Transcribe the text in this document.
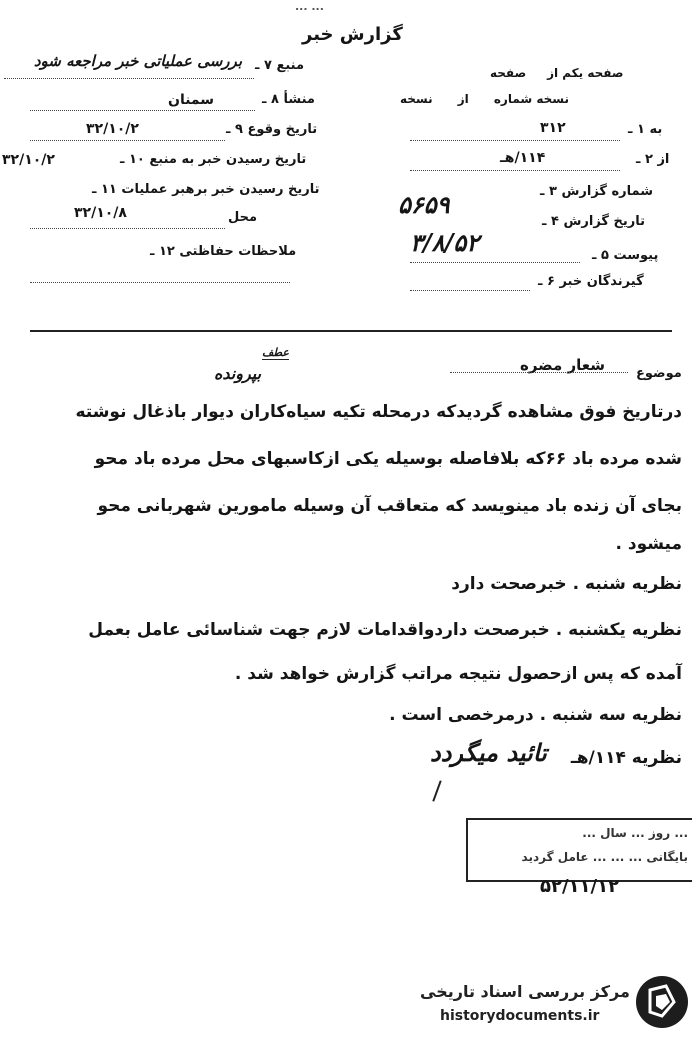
... ...
گزارش خبر
منبع ۷ ـ
بررسی عملیاتی خبر مراجعه شود
منشأ ۸ ـ
سمنان
تاریخ وقوع ۹ ـ
۳۲/۱۰/۲
تاریخ رسیدن خبر به منبع ۱۰ ـ
۳۲/۱۰/۲
تاریخ رسیدن خبر برهبر عملیات ۱۱ ـ
محل
۳۲/۱۰/۸
ملاحظات حفاظتی ۱۲ ـ
صفحه یکم از     صفحه
نسخه شماره      از      نسخه
به ۱ ـ
۳۱۲
از ۲ ـ
۱۱۴/هـ
شماره گزارش ۳ ـ
۵۶۵۹
تاریخ گزارش ۴ ـ
۳/۸/۵۲	پیوست ۵ ـ
گیرندگان خبر ۶ ـ
موضوع
شعار مضره
عطف
بپرونده
درتاریخ فوق مشاهده گردیدکه درمحله تکیه سیاه‌کاران دیوار باذغال نوشته
شده مرده باد ۶۶که بلافاصله بوسیله یکی ازکاسبهای محل مرده باد محو
بجای آن زنده باد مینویسد که متعاقب آن وسیله مامورین شهربانی محو
میشود .
نظریه شنبه . خبرصحت دارد
نظریه یکشنبه . خبرصحت داردواقدامات لازم جهت شناسائی عامل بعمل
آمده که پس ازحصول نتیجه مراتب گزارش خواهد شد .
نظریه سه شنبه . درمرخصی است .
نظریه ۱۱۴/هـ
تائید میگردد
... روز ... سال ...
بایگانی ... ... ... عامل گردید
۵۲/۱۱/۱۲
مرکز بررسی اسناد تاریخی
historydocuments.ir
